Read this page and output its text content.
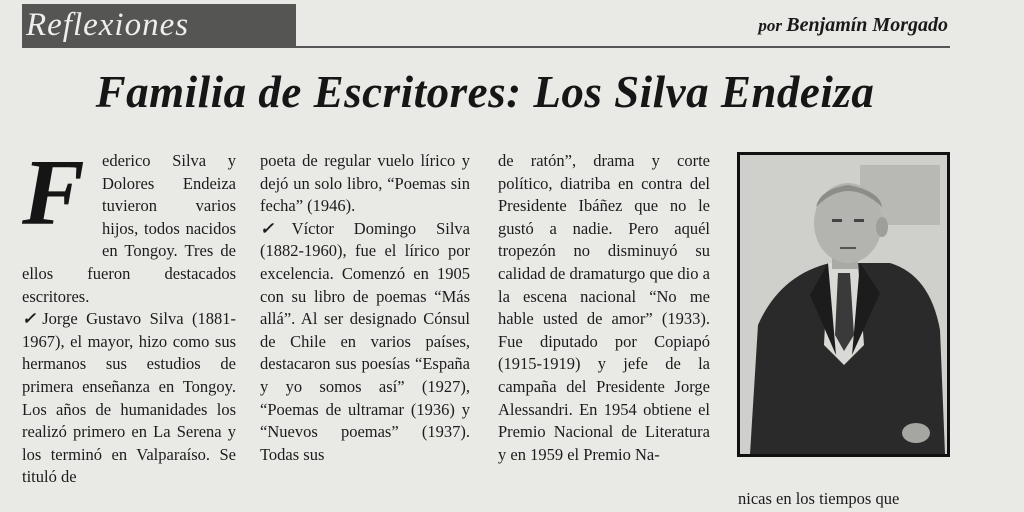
Reflexiones	por Benjamín Morgado
Familia de Escritores: Los Silva Endeiza

F	ederico Silva y Dolores Endeiza tuvieron varios hijos, todos nacidos en Tongoy. Tres de ellos fueron destacados escritores.

✓ Jorge Gustavo Silva (1881-1967), el mayor, hizo como sus hermanos sus estudios de primera enseñanza en Tongoy. Los años de humanidades los realizó primero en La Serena y los terminó en Valparaíso. Se tituló de

poeta de regular vuelo lírico y dejó un solo libro, “Poemas sin fecha” (1946).

✓ Víctor Domingo Silva (1882-1960), fue el lírico por excelencia. Comenzó en 1905 con su libro de poemas “Más allá”. Al ser designado Cónsul de Chile en varios países, destacaron sus poesías “España y yo somos así” (1927), “Poemas de ultramar (1936) y “Nuevos poemas” (1937). Todas sus

de ratón”, drama y corte político, diatriba en contra del Presidente Ibáñez que no le gustó a nadie. Pero aquél tropezón no disminuyó su calidad de dramaturgo que dio a la escena nacional “No me hable usted de amor” (1933). Fue diputado por Copiapó (1915-1919) y jefe de la campaña del Presidente Jorge Alessandri. En 1954 obtiene el Premio Nacional de Literatura y en 1959 el Premio Na-

nicas en los tiempos que
